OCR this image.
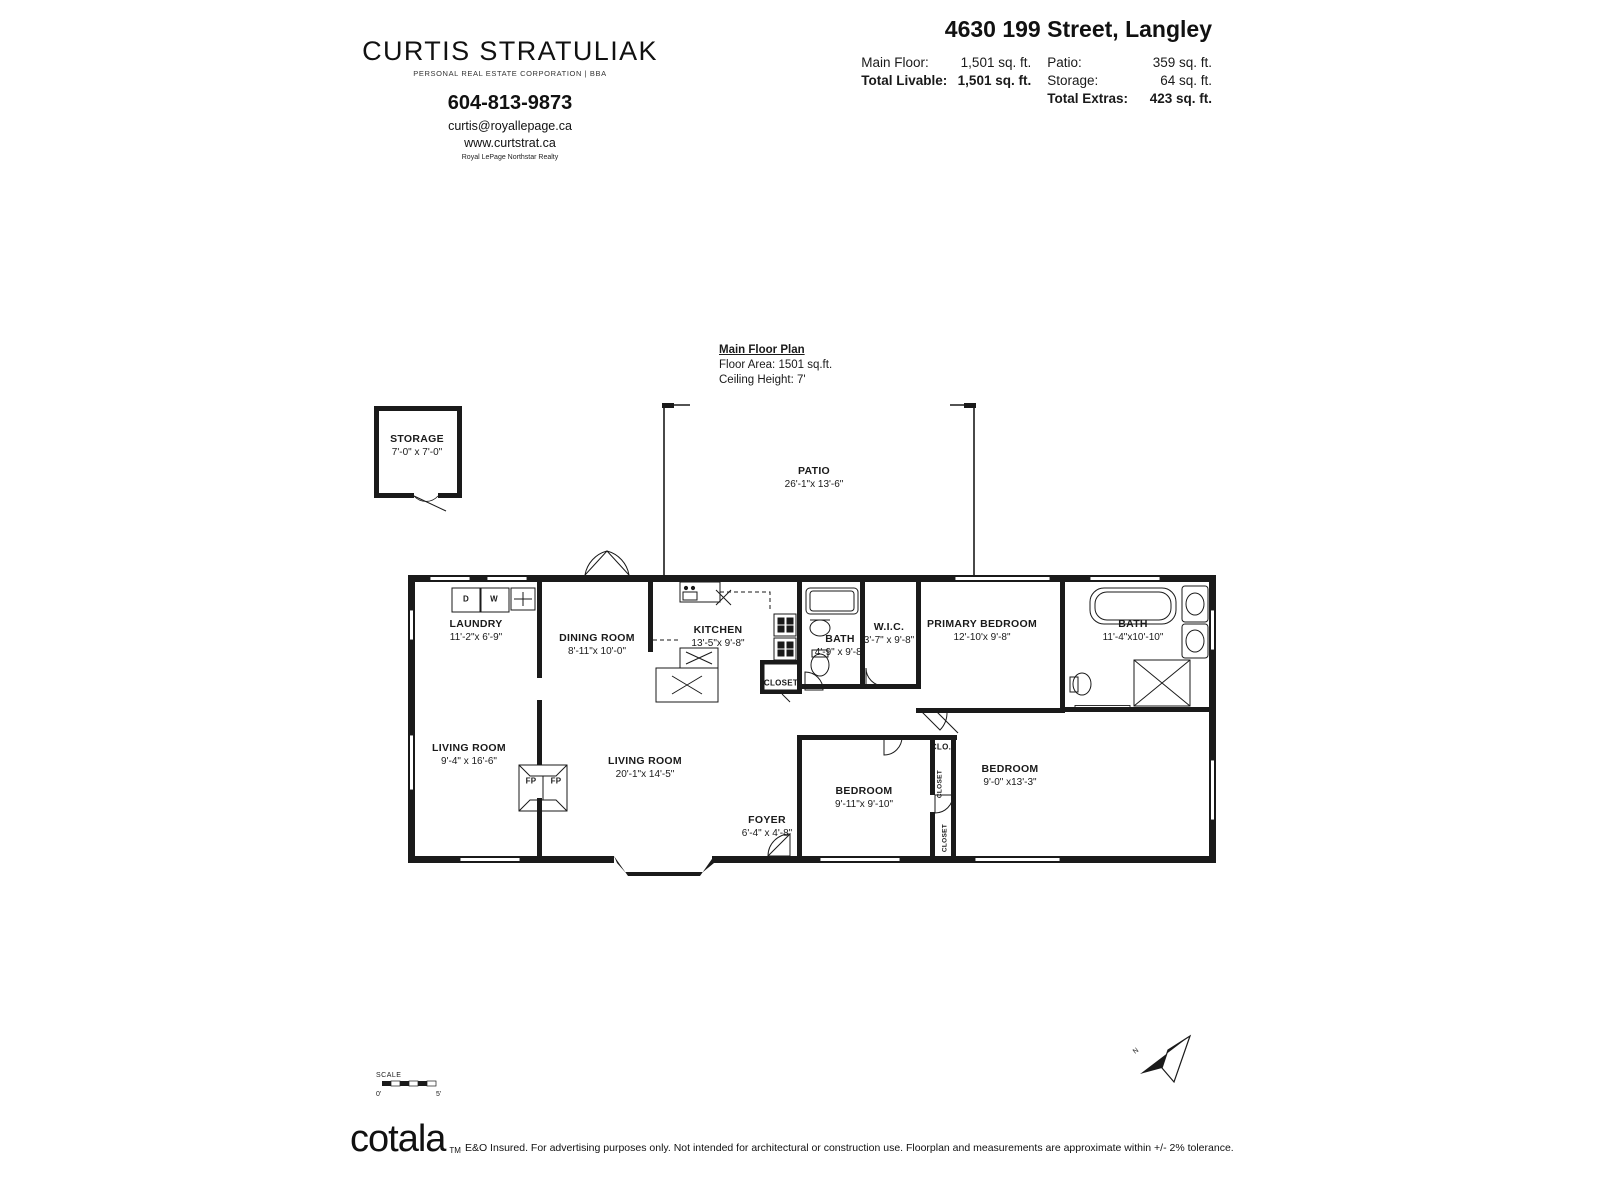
CURTIS STRATULIAK
PERSONAL REAL ESTATE CORPORATION | BBA
604-813-9873
curtis@royallepage.ca
www.curtstrat.ca
Royal LePage Northstar Realty
4630 199 Street, Langley
Main Floor:	1,501 sq. ft.
Total Livable: 1,501 sq. ft.
Patio:	359 sq. ft.
Storage:	64 sq. ft.
Total Extras:	423 sq. ft.
Main Floor Plan
Floor Area: 1501 sq.ft.
Ceiling Height: 7'
STORAGE
7'-0" x 7'-0"
PATIO
26'-1"x 13'-6"
LAUNDRY
11'-2"x 6'-9"	DINING ROOM
8'-11"x 10'-0"
KITCHEN
13'-5"x 9'-8"	BATH
4'-9" x 9'-8"
W.I.C.
3'-7" x 9'-8"
PRIMARY BEDROOM
12'-10'x 9'-8"
BATH
11'-4"x10'-10"
LIVING ROOM
9'-4" x 16'-6"	LIVING ROOM
20'-1"x 14'-5"
FOYER
6'-4" x 4'-8"
BEDROOM
9'-11"x 9'-10"
BEDROOM
9'-0" x13'-3"
D	W
FP FP
CLOSET
CLO.
CLOSET
CLOSET
SCALE
0'	5'
N
cotala TM E&O Insured. For advertising purposes only. Not intended for architectural or construction use. Floorplan and measurements are approximate within +/- 2% tolerance.
